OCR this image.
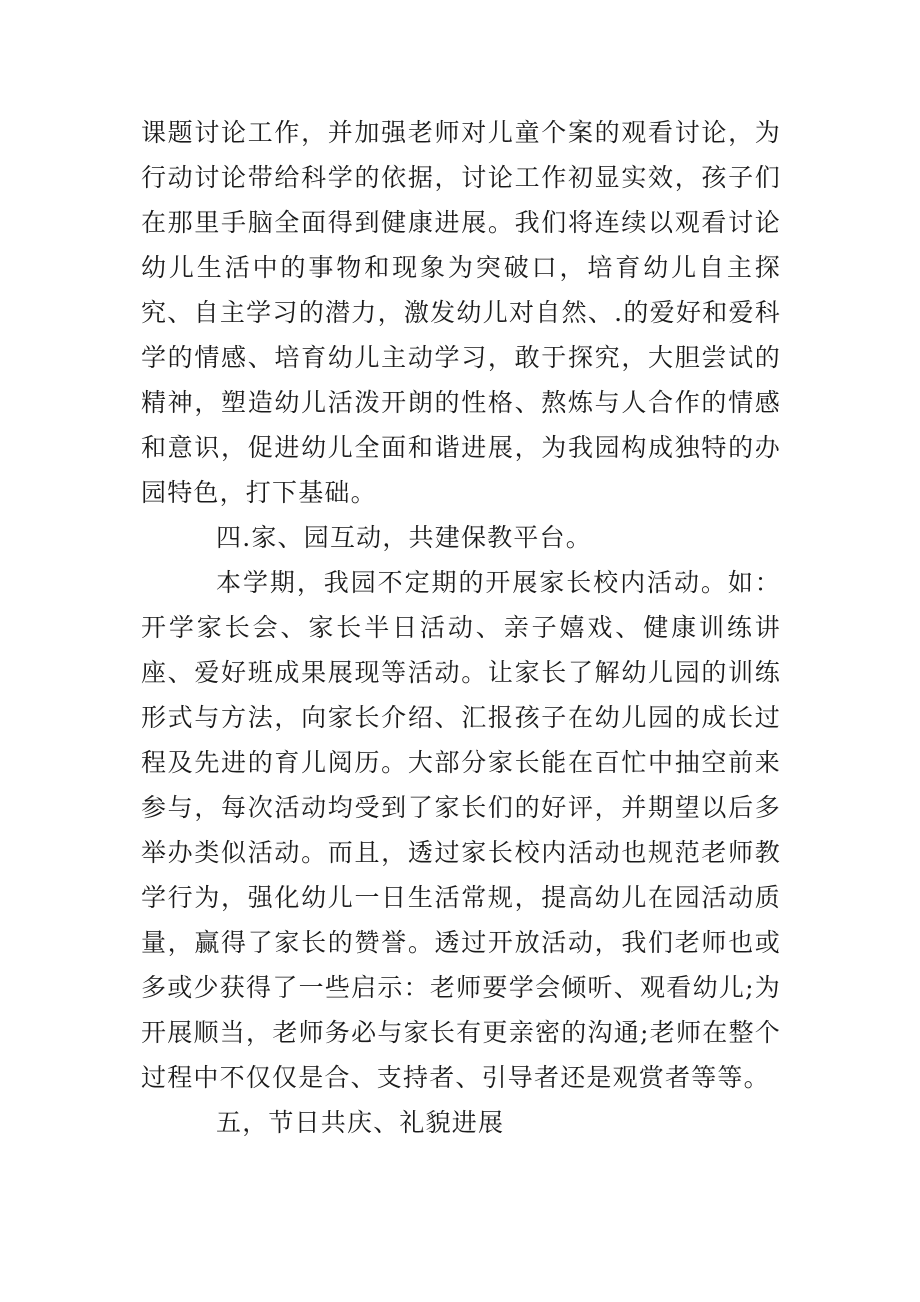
课题讨论工作，并加强老师对儿童个案的观看讨论，为行动讨论带给科学的依据，讨论工作初显实效，孩子们在那里手脑全面得到健康进展。我们将连续以观看讨论幼儿生活中的事物和现象为突破口，培育幼儿自主探究、自主学习的潜力，激发幼儿对自然、.的爱好和爱科学的情感、培育幼儿主动学习，敢于探究，大胆尝试的精神，塑造幼儿活泼开朗的性格、熬炼与人合作的情感和意识，促进幼儿全面和谐进展，为我园构成独特的办园特色，打下基础。

四.家、园互动，共建保教平台。

本学期，我园不定期的开展家长校内活动。如：开学家长会、家长半日活动、亲子嬉戏、健康训练讲座、爱好班成果展现等活动。让家长了解幼儿园的训练形式与方法，向家长介绍、汇报孩子在幼儿园的成长过程及先进的育儿阅历。大部分家长能在百忙中抽空前来参与，每次活动均受到了家长们的好评，并期望以后多举办类似活动。而且，透过家长校内活动也规范老师教学行为，强化幼儿一日生活常规，提高幼儿在园活动质量，赢得了家长的赞誉。透过开放活动，我们老师也或多或少获得了一些启示：老师要学会倾听、观看幼儿;为开展顺当，老师务必与家长有更亲密的沟通;老师在整个过程中不仅仅是合、支持者、引导者还是观赏者等等。

五，节日共庆、礼貌进展
